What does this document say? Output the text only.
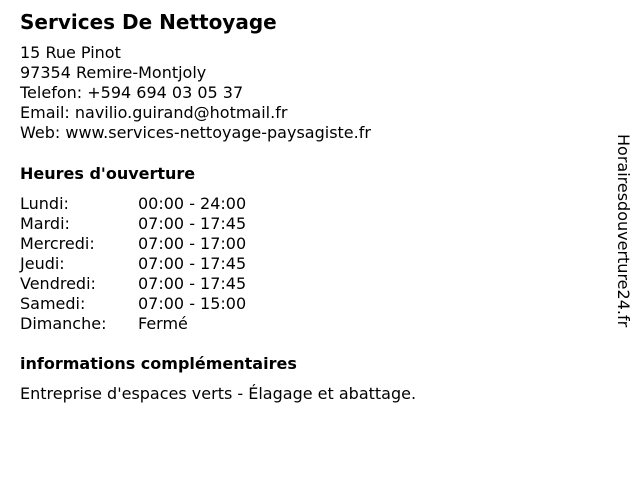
Services De Nettoyage
15 Rue Pinot
97354 Remire-Montjoly
Telefon: +594 694 03 05 37
Email: navilio.guirand@hotmail.fr
Web: www.services-nettoyage-paysagiste.fr
Heures d'ouverture
Lundi:	00:00 - 24:00
Mardi:	07:00 - 17:45
Mercredi:	07:00 - 17:00
Jeudi:	07:00 - 17:45
Vendredi:	07:00 - 17:45
Samedi:	07:00 - 15:00
Dimanche: Fermé
informations complémentaires
Entreprise d'espaces verts - Élagage et abattage.
Horairesdouverture24.fr
